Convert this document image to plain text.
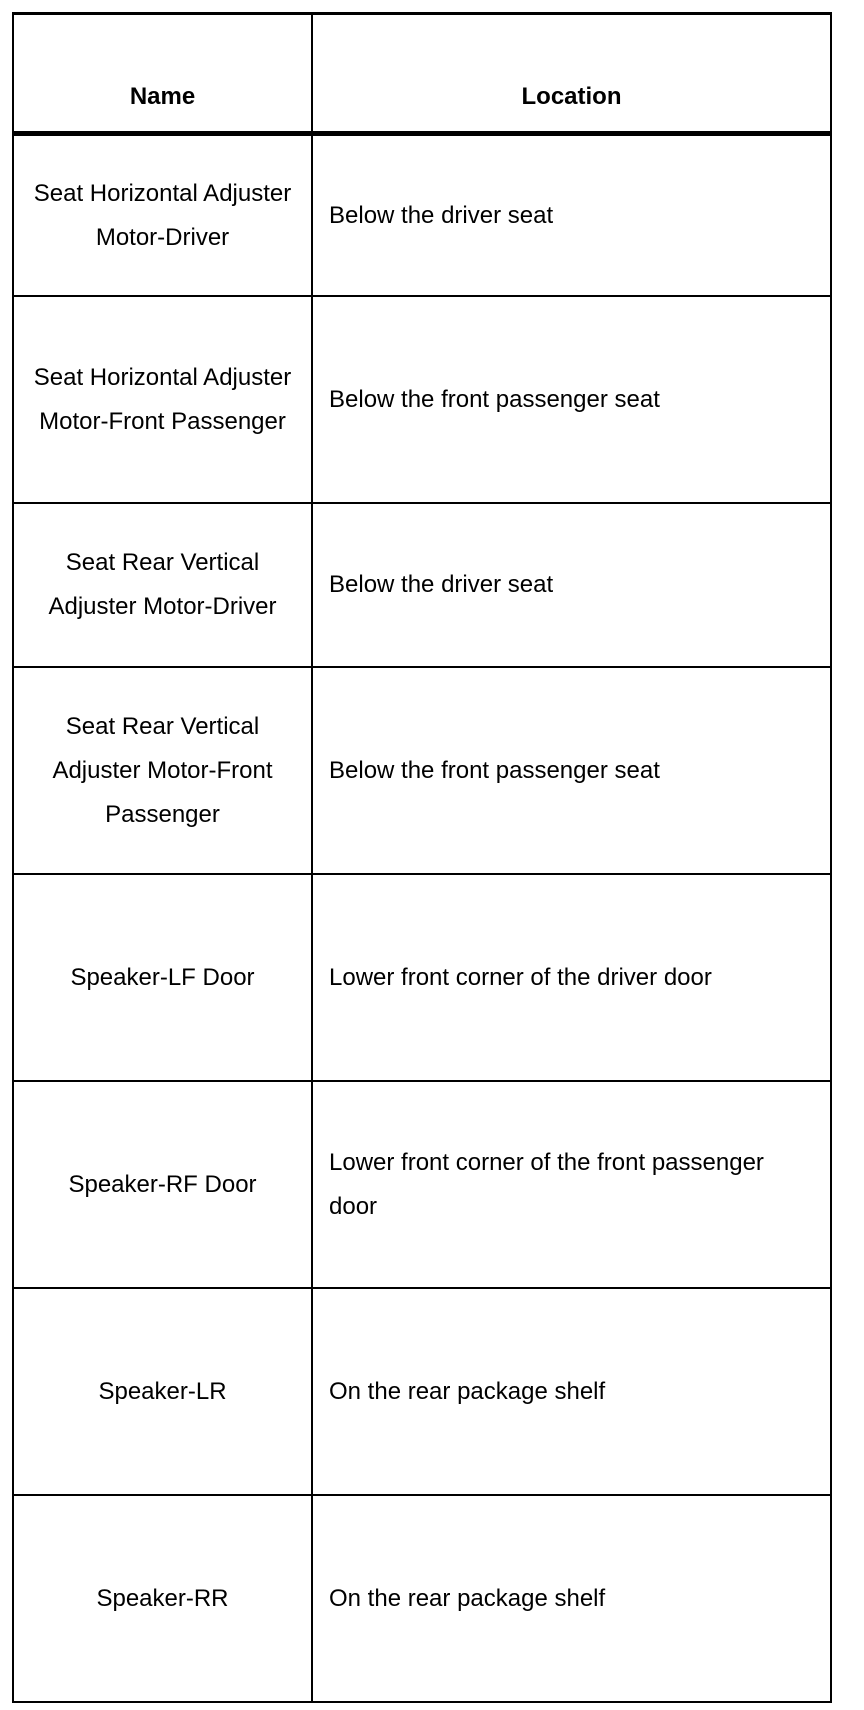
Name	Location
Seat Horizontal Adjuster Motor-Driver	Below the driver seat
Seat Horizontal Adjuster Motor-Front Passenger	Below the front passenger seat
Seat Rear Vertical Adjuster Motor-Driver	Below the driver seat
Seat Rear Vertical Adjuster Motor-Front Passenger	Below the front passenger seat
Speaker-LF Door	Lower front corner of the driver door
Speaker-RF Door	Lower front corner of the front passenger door
Speaker-LR	On the rear package shelf
Speaker-RR	On the rear package shelf
